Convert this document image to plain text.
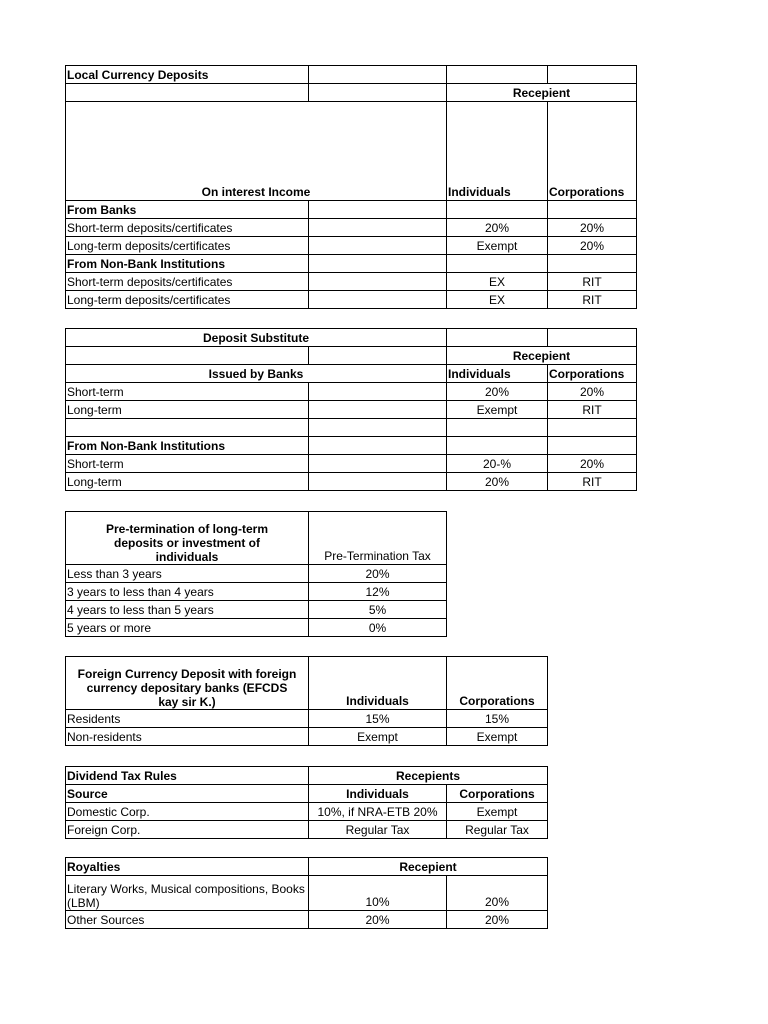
Local Currency Deposits			
		Recepient	
On interest Income		Individuals	Corporations
From Banks			
Short-term deposits/certificates		20%	20%
Long-term deposits/certificates		Exempt	20%
From Non-Bank Institutions			
Short-term deposits/certificates		EX	RIT
Long-term deposits/certificates		EX	RIT
Deposit Substitute			
		Recepient	
Issued by Banks		Individuals	Corporations
Short-term		20%	20%
Long-term		Exempt	RIT

From Non-Bank Institutions			
Short-term		20-%	20%
Long-term		20%	RIT
Pre-termination of long-term deposits or investment of individuals	Pre-Termination Tax
Less than 3 years	20%
3 years to less than 4 years	12%
4 years to less than 5 years	5%
5 years or more	0%
Foreign Currency Deposit with foreign currency depositary banks (EFCDS kay sir K.)	Individuals	Corporations
Residents	15%	15%
Non-residents	Exempt	Exempt
Dividend Tax Rules	Recepients	
Source	Individuals	Corporations
Domestic Corp.	10%, if NRA-ETB 20%	Exempt
Foreign Corp.	Regular Tax	Regular Tax
Royalties	Recepient	
Literary Works, Musical compositions, Books (LBM)	10%	20%
Other Sources	20%	20%
